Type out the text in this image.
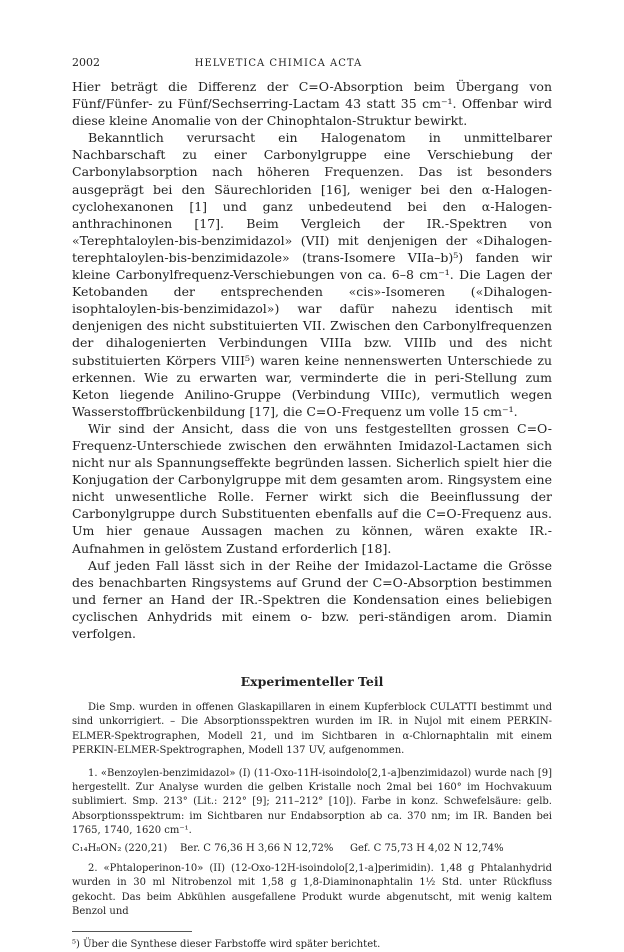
2002	HELVETICA CHIMICA ACTA

Hier beträgt die Differenz der C=O-Absorption beim Übergang von Fünf/Fünfer- zu Fünf/Sechserring-Lactam 43 statt 35 cm⁻¹. Offenbar wird diese kleine Anomalie von der Chinophtalon-Struktur bewirkt.

Bekanntlich verursacht ein Halogenatom in unmittelbarer Nachbarschaft zu einer Carbonylgruppe eine Verschiebung der Carbonylabsorption nach höheren Frequenzen. Das ist besonders ausgeprägt bei den Säurechloriden [16], weniger bei den α-Halogen-cyclohexanonen [1] und ganz unbedeutend bei den α-Halogen-anthrachinonen [17]. Beim Vergleich der IR.-Spektren von «Terephtaloylen-bis-benzimidazol» (VII) mit denjenigen der «Dihalogen-terephtaloylen-bis-benzimidazole» (trans-Isomere VIIa–b)⁵) fanden wir kleine Carbonylfrequenz-Verschiebungen von ca. 6–8 cm⁻¹. Die Lagen der Ketobanden der entsprechenden «cis»-Isomeren («Dihalogen-isophtaloylen-bis-benzimidazol») war dafür nahezu identisch mit denjenigen des nicht substituierten VII. Zwischen den Carbonylfrequenzen der dihalogenierten Verbindungen VIIIa bzw. VIIIb und des nicht substituierten Körpers VIII⁵) waren keine nennenswerten Unterschiede zu erkennen. Wie zu erwarten war, verminderte die in peri-Stellung zum Keton liegende Anilino-Gruppe (Verbindung VIIIc), vermutlich wegen Wasserstoffbrückenbildung [17], die C=O-Frequenz um volle 15 cm⁻¹.

Wir sind der Ansicht, dass die von uns festgestellten grossen C=O-Frequenz-Unterschiede zwischen den erwähnten Imidazol-Lactamen sich nicht nur als Spannungseffekte begründen lassen. Sicherlich spielt hier die Konjugation der Carbonylgruppe mit dem gesamten arom. Ringsystem eine nicht unwesentliche Rolle. Ferner wirkt sich die Beeinflussung der Carbonylgruppe durch Substituenten ebenfalls auf die C=O-Frequenz aus. Um hier genaue Aussagen machen zu können, wären exakte IR.-Aufnahmen in gelöstem Zustand erforderlich [18].

Auf jeden Fall lässt sich in der Reihe der Imidazol-Lactame die Grösse des benachbarten Ringsystems auf Grund der C=O-Absorption bestimmen und ferner an Hand der IR.-Spektren die Kondensation eines beliebigen cyclischen Anhydrids mit einem o- bzw. peri-ständigen arom. Diamin verfolgen.

Experimenteller Teil

Die Smp. wurden in offenen Glaskapillaren in einem Kupferblock CULATTI bestimmt und sind unkorrigiert. – Die Absorptionsspektren wurden im IR. in Nujol mit einem PERKIN-ELMER-Spektrographen, Modell 21, und im Sichtbaren in α-Chlornaphtalin mit einem PERKIN-ELMER-Spektrographen, Modell 137 UV, aufgenommen.

1. «Benzoylen-benzimidazol» (I) (11-Oxo-11H-isoindolo[2,1-a]benzimidazol) wurde nach [9] hergestellt. Zur Analyse wurden die gelben Kristalle noch 2mal bei 160° im Hochvakuum sublimiert. Smp. 213° (Lit.: 212° [9]; 211–212° [10]). Farbe in konz. Schwefelsäure: gelb. Absorptionsspektrum: im Sichtbaren nur Endabsorption ab ca. 370 nm; im IR. Banden bei 1765, 1740, 1620 cm⁻¹.

C₁₄H₈ON₂ (220,21)	Ber. C 76,36 H 3,66 N 12,72%	Gef. C 75,73 H 4,02 N 12,74%

2. «Phtaloperinon-10» (II) (12-Oxo-12H-isoindolo[2,1-a]perimidin). 1,48 g Phtalanhydrid wurden in 30 ml Nitrobenzol mit 1,58 g 1,8-Diaminonaphtalin 1½ Std. unter Rückfluss gekocht. Das beim Abkühlen ausgefallene Produkt wurde abgenutscht, mit wenig kaltem Benzol und

⁵) Über die Synthese dieser Farbstoffe wird später berichtet.
